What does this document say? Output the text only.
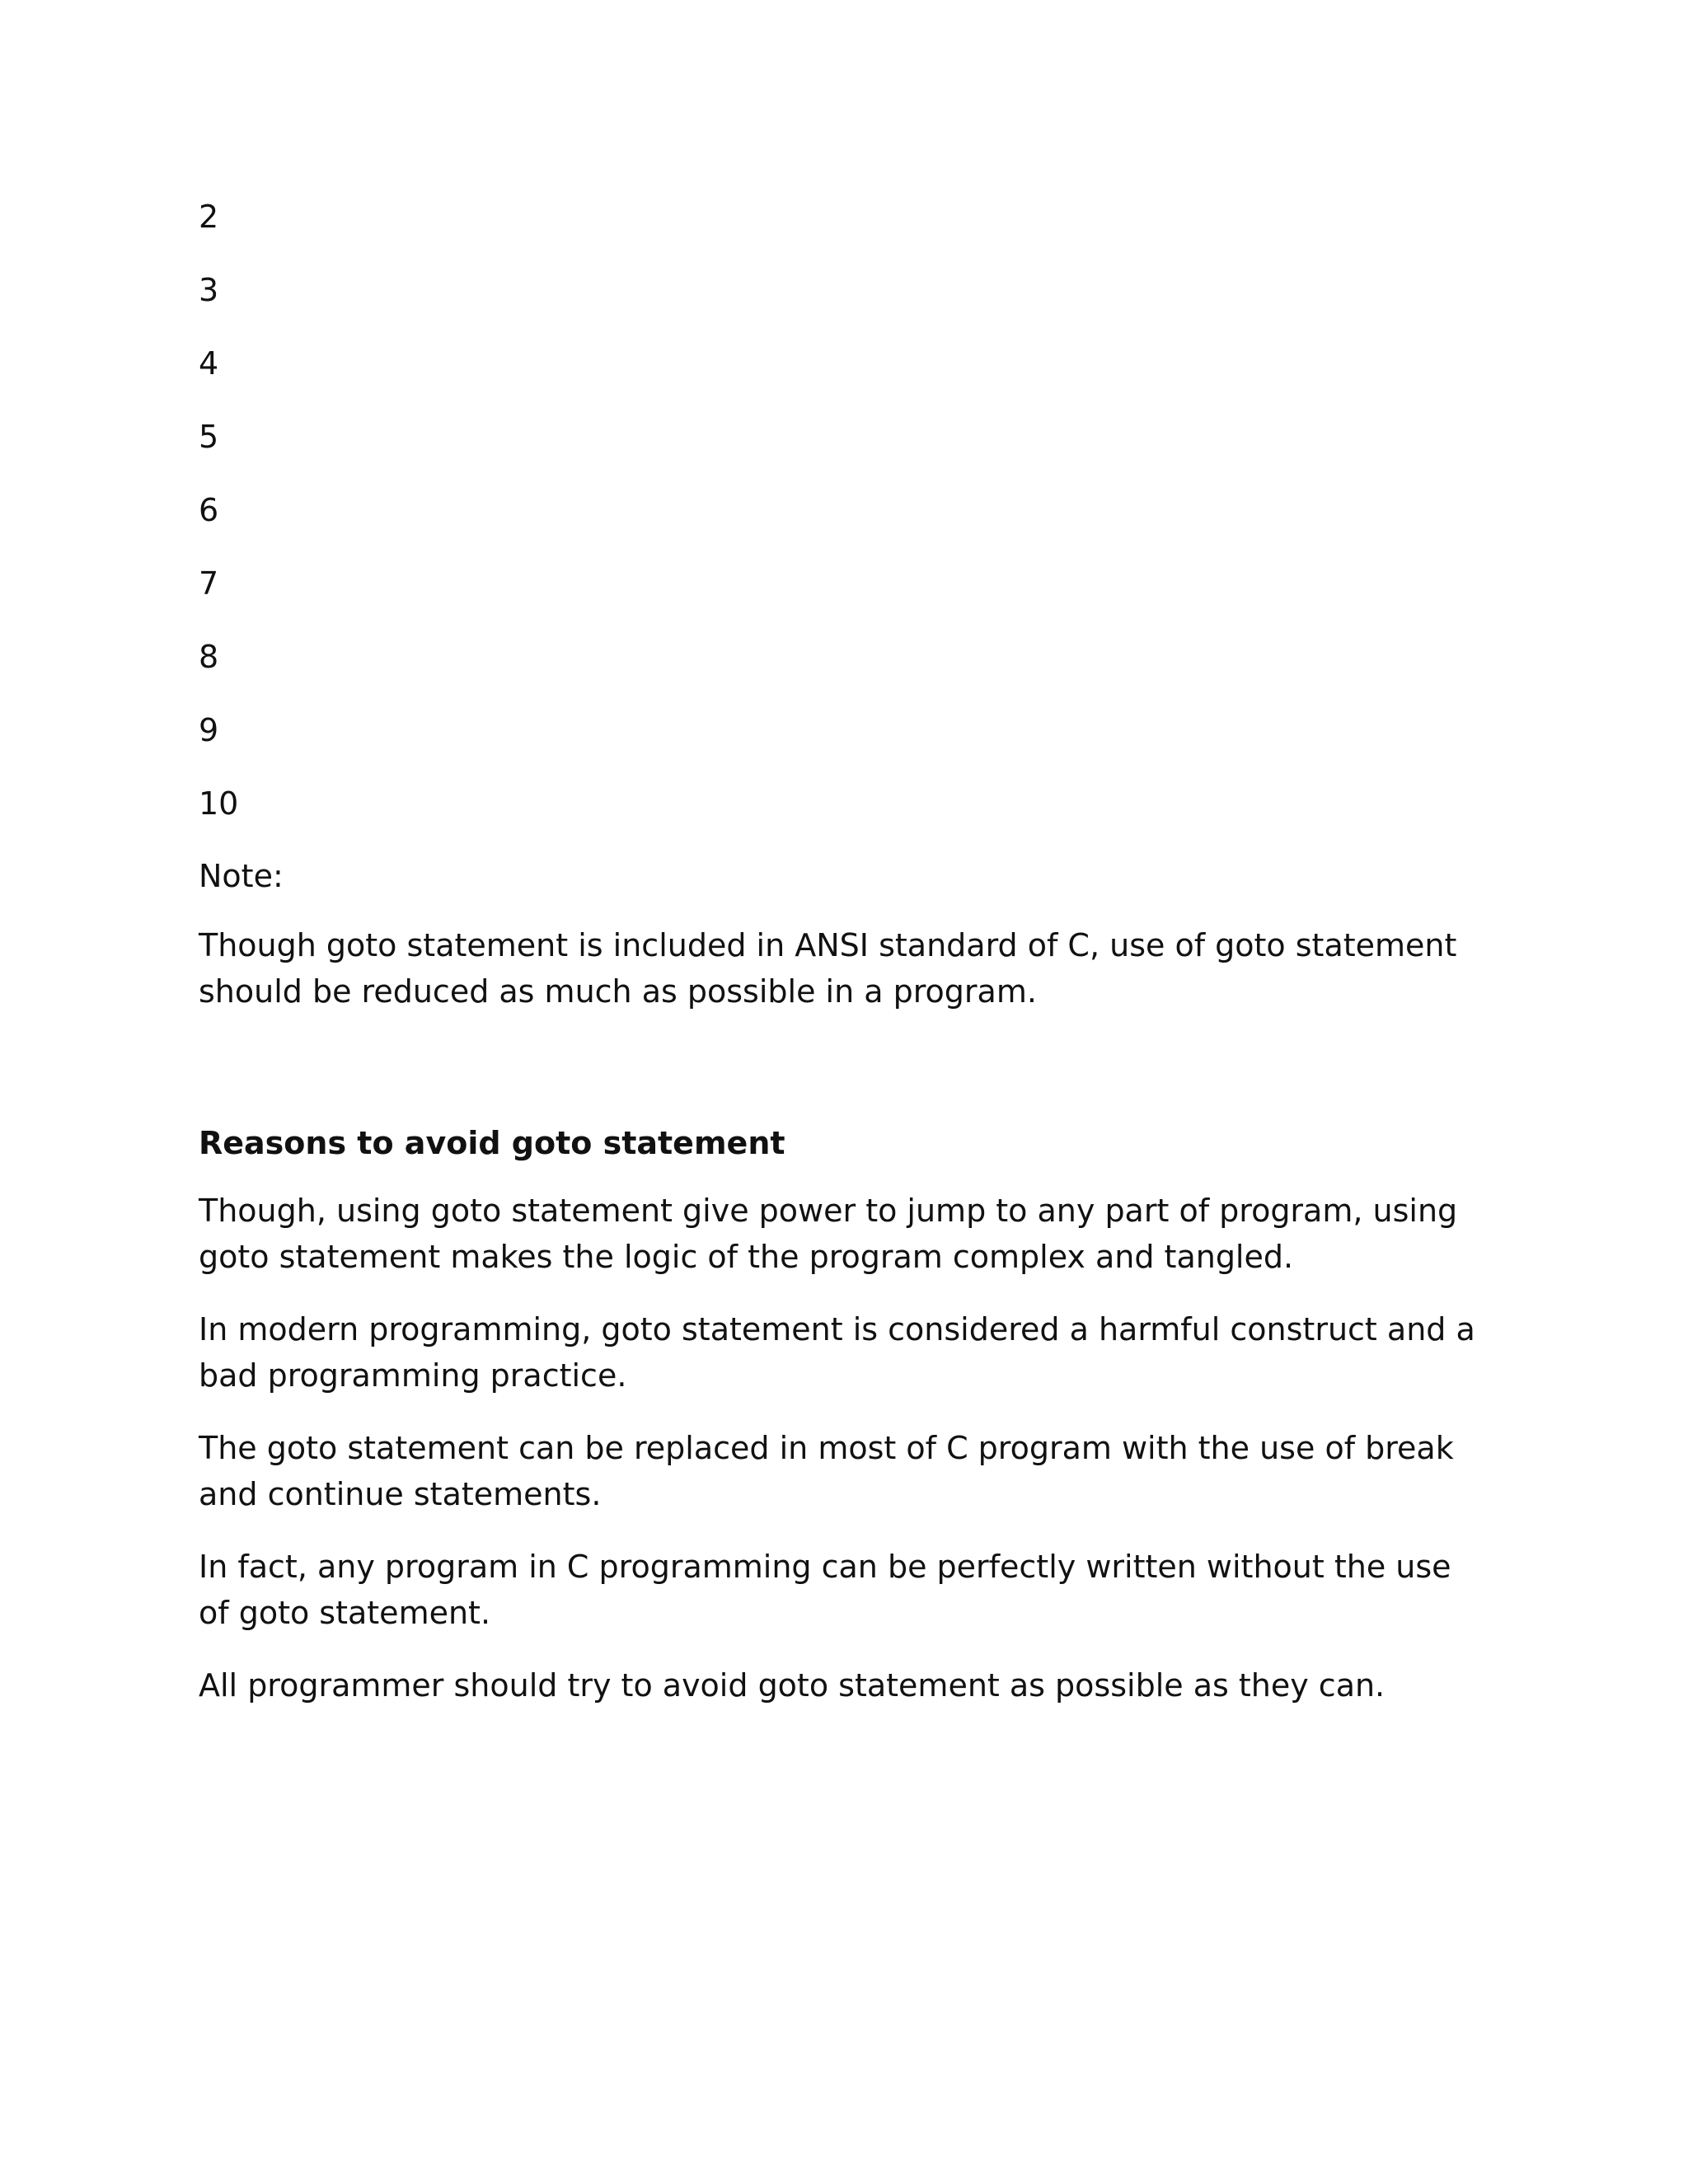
2
3
4
5
6
7
8
9
10
Note:

Though goto statement is included in ANSI standard of C, use of goto statement should be reduced as much as possible in a program.

Reasons to avoid goto statement

Though, using goto statement give power to jump to any part of program, using goto statement makes the logic of the program complex and tangled.

In modern programming, goto statement is considered a harmful construct and a bad programming practice.

The goto statement can be replaced in most of C program with the use of break and continue statements.

In fact, any program in C programming can be perfectly written without the use of goto statement.

All programmer should try to avoid goto statement as possible as they can.
